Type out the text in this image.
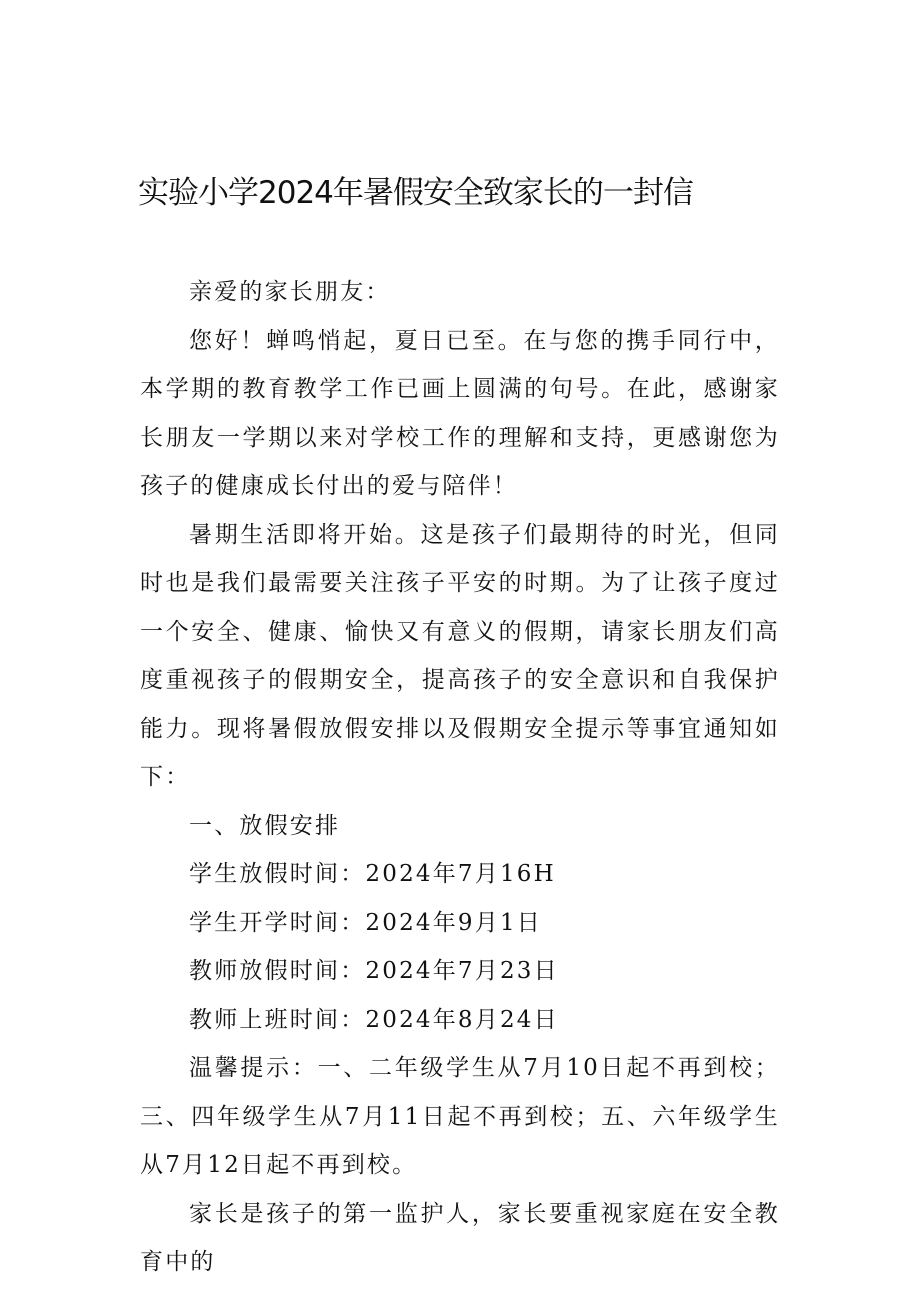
实验小学2024年暑假安全致家长的一封信

亲爱的家长朋友：

您好！蝉鸣悄起，夏日已至。在与您的携手同行中，本学期的教育教学工作已画上圆满的句号。在此，感谢家长朋友一学期以来对学校工作的理解和支持，更感谢您为孩子的健康成长付出的爱与陪伴！

暑期生活即将开始。这是孩子们最期待的时光，但同时也是我们最需要关注孩子平安的时期。为了让孩子度过一个安全、健康、愉快又有意义的假期，请家长朋友们高度重视孩子的假期安全，提高孩子的安全意识和自我保护能力。现将暑假放假安排以及假期安全提示等事宜通知如下：

一、放假安排

学生放假时间：2024年7月16H

学生开学时间：2024年9月1日

教师放假时间：2024年7月23日

教师上班时间：2024年8月24日

温馨提示：一、二年级学生从7月10日起不再到校；三、四年级学生从7月11日起不再到校；五、六年级学生从7月12日起不再到校。

家长是孩子的第一监护人，家长要重视家庭在安全教育中的
